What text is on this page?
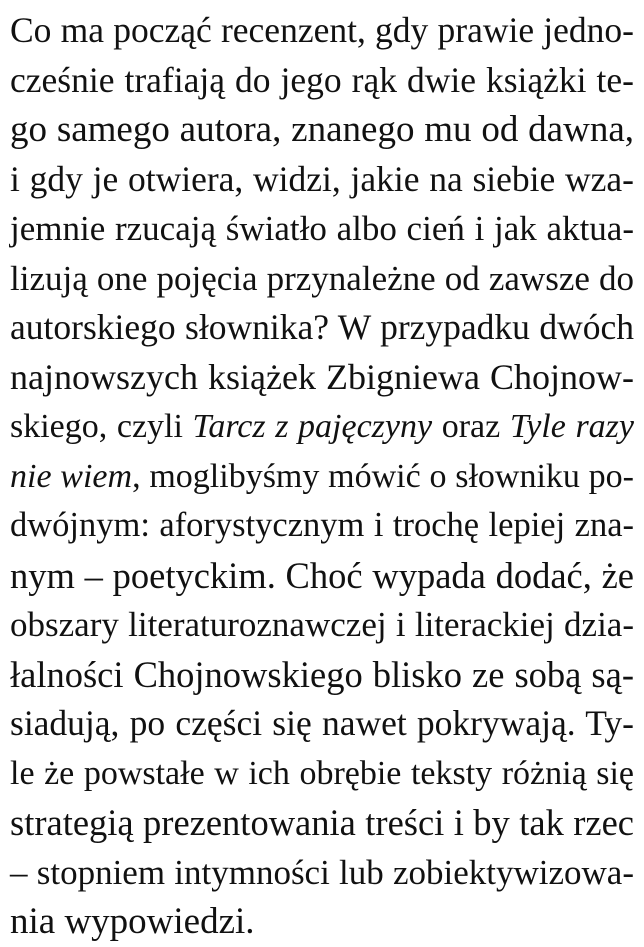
Co ma począć recenzent, gdy prawie jedno-
cześnie trafiają do jego rąk dwie książki te-
go samego autora, znanego mu od dawna,
i gdy je otwiera, widzi, jakie na siebie wza-
jemnie rzucają światło albo cień i jak aktua-
lizują one pojęcia przynależne od zawsze do
autorskiego słownika? W przypadku dwóch
najnowszych książek Zbigniewa Chojnow-
skiego, czyli Tarcz z pajęczyny oraz Tyle razy
nie wiem, moglibyśmy mówić o słowniku po-
dwójnym: aforystycznym i trochę lepiej zna-
nym – poetyckim. Choć wypada dodać, że
obszary literaturoznawczej i literackiej dzia-
łalności Chojnowskiego blisko ze sobą są-
siadują, po części się nawet pokrywają. Ty-
le że powstałe w ich obrębie teksty różnią się
strategią prezentowania treści i by tak rzec
– stopniem intymności lub zobiektywizowa-
nia wypowiedzi.
